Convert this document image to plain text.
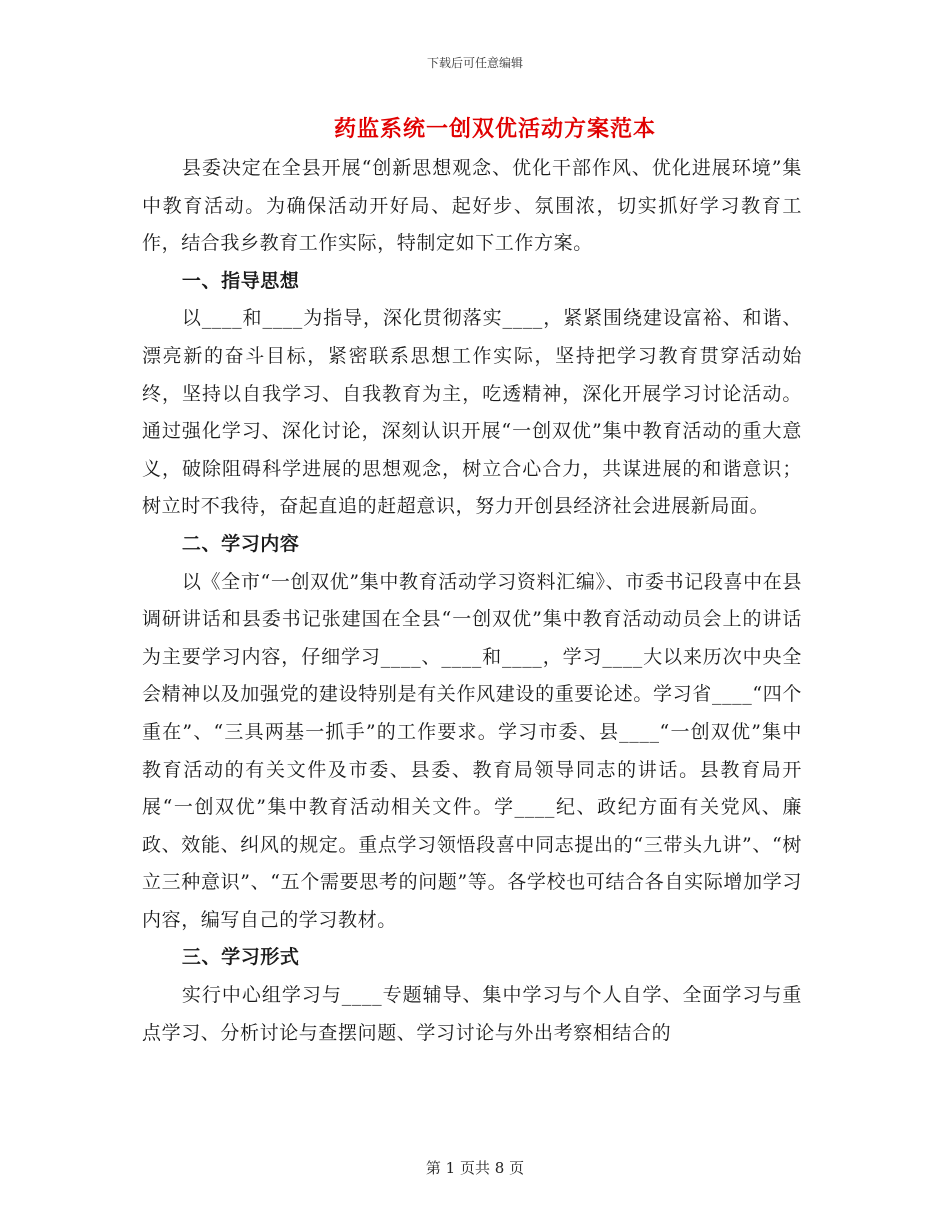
下载后可任意编辑
药监系统一创双优活动方案范本

县委决定在全县开展“创新思想观念、优化干部作风、优化进展环境”集中教育活动。为确保活动开好局、起好步、氛围浓，切实抓好学习教育工作，结合我乡教育工作实际，特制定如下工作方案。

一、指导思想

以____和____为指导，深化贯彻落实____，紧紧围绕建设富裕、和谐、漂亮新的奋斗目标，紧密联系思想工作实际，坚持把学习教育贯穿活动始终，坚持以自我学习、自我教育为主，吃透精神，深化开展学习讨论活动。通过强化学习、深化讨论，深刻认识开展“一创双优”集中教育活动的重大意义，破除阻碍科学进展的思想观念，树立合心合力，共谋进展的和谐意识；树立时不我待，奋起直追的赶超意识，努力开创县经济社会进展新局面。

二、学习内容

以《全市“一创双优”集中教育活动学习资料汇编》、市委书记段喜中在县调研讲话和县委书记张建国在全县“一创双优”集中教育活动动员会上的讲话为主要学习内容，仔细学习____、____和____，学习____大以来历次中央全会精神以及加强党的建设特别是有关作风建设的重要论述。学习省____“四个重在”、“三具两基一抓手”的工作要求。学习市委、县____“一创双优”集中教育活动的有关文件及市委、县委、教育局领导同志的讲话。县教育局开展“一创双优”集中教育活动相关文件。学____纪、政纪方面有关党风、廉政、效能、纠风的规定。重点学习领悟段喜中同志提出的“三带头九讲”、“树立三种意识”、“五个需要思考的问题”等。各学校也可结合各自实际增加学习内容，编写自己的学习教材。

三、学习形式

实行中心组学习与____专题辅导、集中学习与个人自学、全面学习与重点学习、分析讨论与查摆问题、学习讨论与外出考察相结合的

第 1 页共 8 页
